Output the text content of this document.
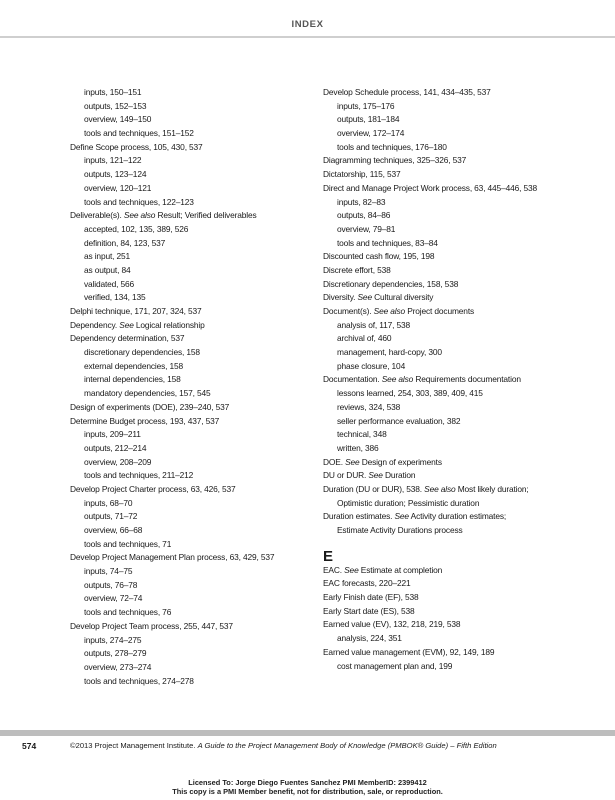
INDEX
inputs, 150–151
outputs, 152–153
overview, 149–150
tools and techniques, 151–152
Define Scope process, 105, 430, 537
inputs, 121–122
outputs, 123–124
overview, 120–121
tools and techniques, 122–123
Deliverable(s). See also Result; Verified deliverables
accepted, 102, 135, 389, 526
definition, 84, 123, 537
as input, 251
as output, 84
validated, 566
verified, 134, 135
Delphi technique, 171, 207, 324, 537
Dependency. See Logical relationship
Dependency determination, 537
discretionary dependencies, 158
external dependencies, 158
internal dependencies, 158
mandatory dependencies, 157, 545
Design of experiments (DOE), 239–240, 537
Determine Budget process, 193, 437, 537
inputs, 209–211
outputs, 212–214
overview, 208–209
tools and techniques, 211–212
Develop Project Charter process, 63, 426, 537
inputs, 68–70
outputs, 71–72
overview, 66–68
tools and techniques, 71
Develop Project Management Plan process, 63, 429, 537
inputs, 74–75
outputs, 76–78
overview, 72–74
tools and techniques, 76
Develop Project Team process, 255, 447, 537
inputs, 274–275
outputs, 278–279
overview, 273–274
tools and techniques, 274–278
Develop Schedule process, 141, 434–435, 537
inputs, 175–176
outputs, 181–184
overview, 172–174
tools and techniques, 176–180
Diagramming techniques, 325–326, 537
Dictatorship, 115, 537
Direct and Manage Project Work process, 63, 445–446, 538
inputs, 82–83
outputs, 84–86
overview, 79–81
tools and techniques, 83–84
Discounted cash flow, 195, 198
Discrete effort, 538
Discretionary dependencies, 158, 538
Diversity. See Cultural diversity
Document(s). See also Project documents
analysis of, 117, 538
archival of, 460
management, hard-copy, 300
phase closure, 104
Documentation. See also Requirements documentation
lessons learned, 254, 303, 389, 409, 415
reviews, 324, 538
seller performance evaluation, 382
technical, 348
written, 386
DOE. See Design of experiments
DU or DUR. See Duration
Duration (DU or DUR), 538. See also Most likely duration;
Optimistic duration; Pessimistic duration
Duration estimates. See Activity duration estimates;
Estimate Activity Durations process
E
EAC. See Estimate at completion
EAC forecasts, 220–221
Early Finish date (EF), 538
Early Start date (ES), 538
Earned value (EV), 132, 218, 219, 538
analysis, 224, 351
Earned value management (EVM), 92, 149, 189
cost management plan and, 199
574	©2013 Project Management Institute. A Guide to the Project Management Body of Knowledge (PMBOK® Guide) – Fifth Edition
Licensed To: Jorge Diego Fuentes Sanchez PMI MemberID: 2399412
This copy is a PMI Member benefit, not for distribution, sale, or reproduction.
